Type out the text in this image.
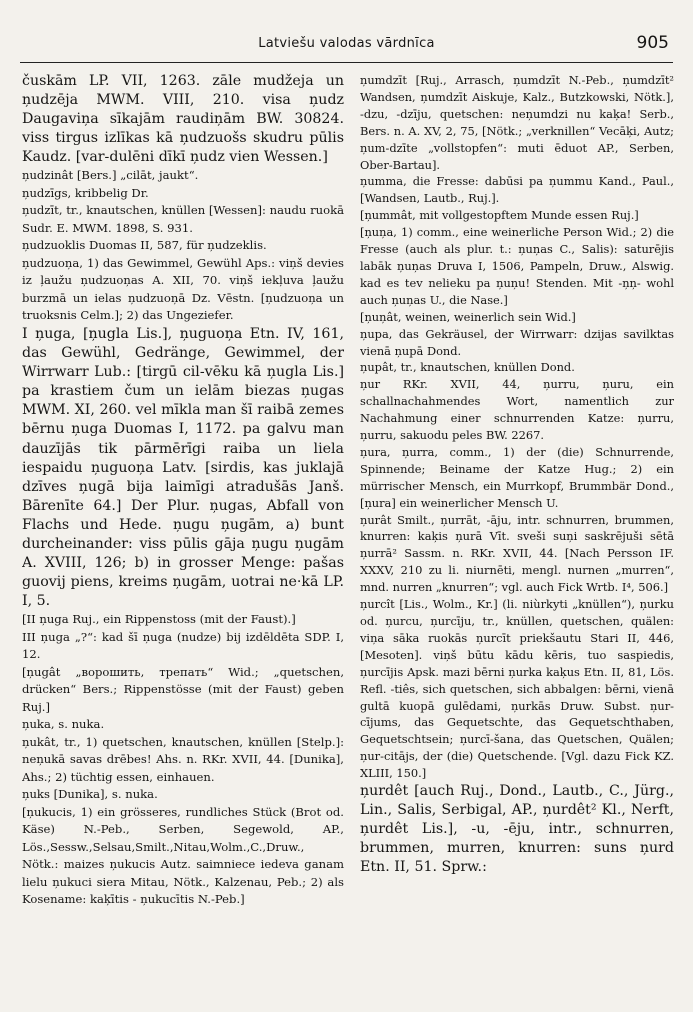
Latviešu valodas vārdnīca	905

čuskām LP. VII, 1263. zāle mudžeja un ņudzēja MWM. VIII, 210. visa ņudz Daugaviņa sīkajām raudiņām BW. 30824. viss tirgus izlīkas kā ņudzuošs skudru pūlis Kaudz. [var-dulēni dīkī ņudz vien Wessen.]

ņudzinât [Bers.] „cilāt, jaukt“.

ņudzīgs, kribbelig Dr.

ņudzīt, tr., knautschen, knüllen [Wessen]: naudu ruokā Sudr. E. MWM. 1898, S. 931.

ņudzuoklis Duomas II, 587, für ņudzeklis.

ņudzuoņa, 1) das Gewimmel, Gewühl Aps.: viņš devies iz ļaužu ņudzuoņas A. XII, 70. viņš iekļuva ļaužu burzmā un ielas ņudzuoņā Dz. Vēstn. [ņudzuoņa un truoksnis Celm.]; 2) das Ungeziefer.

I ņuga, [ņugla Lis.], ņuguoņa Etn. IV, 161, das Gewühl, Gedränge, Gewimmel, der Wirrwarr Lub.: [tirgū cil-vēku kā ņugla Lis.] pa krastiem čum un ielām biezas ņugas MWM. XI, 260. vel mīkla man šī raibā zemes bērnu ņuga Duomas I, 1172. pa galvu man dauzījās tik pārmērīgi raiba un liela iespaidu ņuguoņa Latv. [sirdis, kas juklajā dzīves ņugā bija laimīgi atradušās Janš. Bārenīte 64.] Der Plur. ņugas, Abfall von Flachs und Hede. ņugu ņugām, a) bunt durcheinander: viss pūlis gāja ņugu ņugām A. XVIII, 126; b) in grosser Menge: pašas guovij piens, kreims ņugām, uotrai ne·kā LP. I, 5.

[II ņuga Ruj., ein Rippenstoss (mit der Faust).]

III ņuga „?“: kad šī ņuga (nudze) bij izdēldēta SDP. I, 12.

[ņugât „ворошить, трепать“ Wid.; „quetschen, drücken“ Bers.; Rippenstösse (mit der Faust) geben Ruj.]

ņuka, s. nuka.

ņukât, tr., 1) quetschen, knautschen, knüllen [Stelp.]: neņukā savas drēbes! Ahs. n. RKr. XVII, 44. [Dunika], Ahs.; 2) tüchtig essen, einhauen.

ņuks [Dunika], s. nuka.

[ņukucis, 1) ein grösseres, rundliches Stück (Brot od. Käse) N.-Peb., Serben, Segewold, AP., Lös.,Sessw.,Selsau,Smilt.,Nitau,Wolm.,C.,Druw., Nötk.: maizes ņukucis Autz. saimniece iedeva ganam lielu ņukuci siera Mitau, Nötk., Kalzenau, Peb.; 2) als Kosename: kaķītis - ņukucītis N.-Peb.]

ņumdzīt [Ruj., Arrasch, ņumdzīt N.-Peb., ņumdzīt² Wandsen, ņumdzīt Aiskuje, Kalz., Butzkowski, Nötk.], -dzu, -dzīju, quetschen: neņumdzi nu kaķa! Serb., Bers. n. A. XV, 2, 75, [Nötk.; „verknillen“ Vecāķi, Autz; ņum-dzīte „vollstopfen“: muti ēduot AP., Serben, Ober-Bartau].

ņumma, die Fresse: dabūsi pa ņummu Kand., Paul., [Wandsen, Lautb., Ruj.].

[ņummât, mit vollgestopftem Munde essen Ruj.]

[ņuņa, 1) comm., eine weinerliche Person Wid.; 2) die Fresse (auch als plur. t.: ņuņas C., Salis): saturējis labāk ņuņas Druva I, 1506, Pampeln, Druw., Alswig. kad es tev nelieku pa ņuņu! Stenden. Mit -ņņ- wohl auch ņuņas U., die Nase.]

[ņuņât, weinen, weinerlich sein Wid.]

ņupa, das Gekräusel, der Wirrwarr: dzijas savilktas vienā ņupā Dond.

ņupât, tr., knautschen, knüllen Dond.

ņur RKr. XVII, 44, ņurru, ņuru, ein schallnachahmendes Wort, namentlich zur Nachahmung einer schnurrenden Katze: ņurru, ņurru, sakuodu peles BW. 2267.

ņura, ņurra, comm., 1) der (die) Schnurrende, Spinnende; Beiname der Katze Hug.; 2) ein mürrischer Mensch, ein Murrkopf, Brummbär Dond., [ņura] ein weinerlicher Mensch U.

ņurât Smilt., ņurrāt, -āju, intr. schnurren, brummen, knurren: kaķis ņurā Vīt. sveši suņi saskrējuši sētā ņurrā² Sassm. n. RKr. XVII, 44. [Nach Persson IF. XXXV, 210 zu li. niurnēti, mengl. nurnen „murren“, mnd. nurren „knurren“; vgl. auch Fick Wrtb. I⁴, 506.]

ņurcît [Lis., Wolm., Kr.] (li. niùrkyti „knüllen“), ņurku od. ņurcu, ņurcīju, tr., knüllen, quetschen, quälen: viņa sāka ruokās ņurcīt priekšautu Stari II, 446, [Mesoten]. viņš būtu kādu kēris, tuo saspiedis, ņurcījis Apsk. mazi bērni ņurka kaķus Etn. II, 81, Lös. Refl. -tiês, sich quetschen, sich abbalgen: bērni, vienā gultā kuopā gulēdami, ņurkās Druw. Subst. ņur-cījums, das Gequetschte, das Gequetschthaben, Gequetschtsein; ņurcī-šana, das Quetschen, Quälen; ņur-citājs, der (die) Quetschende. [Vgl. dazu Fick KZ. XLIII, 150.]

ņurdêt [auch Ruj., Dond., Lautb., C., Jürg., Lin., Salis, Serbigal, AP., ņurdêt² Kl., Nerft, ņurdêt Lis.], -u, -ēju, intr., schnurren, brummen, murren, knurren: suns ņurd Etn. II, 51. Sprw.:
